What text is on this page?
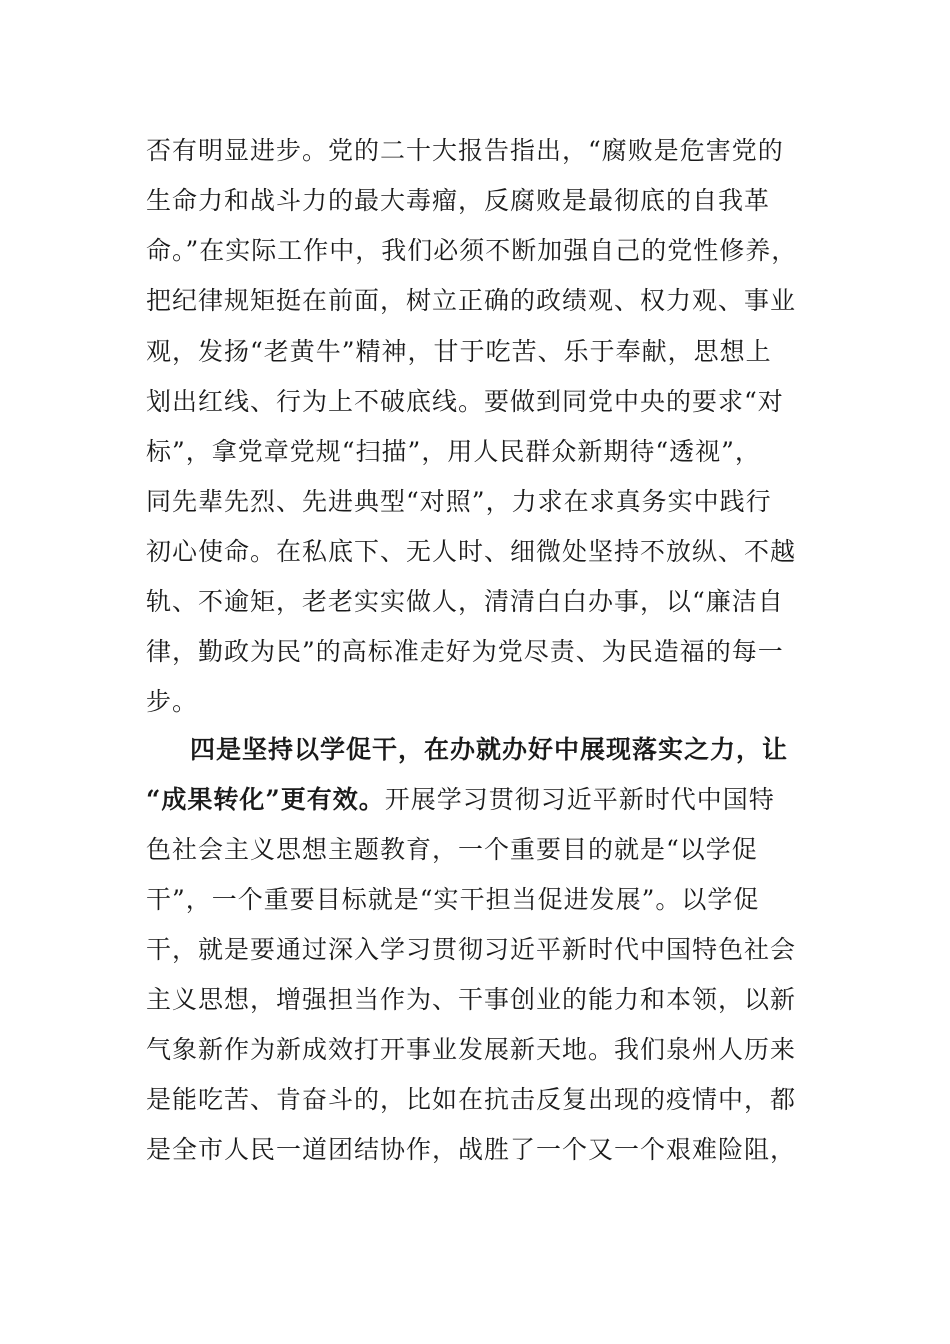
否有明显进步。党的二十大报告指出，“腐败是危害党的
生命力和战斗力的最大毒瘤，反腐败是最彻底的自我革
命。”在实际工作中，我们必须不断加强自己的党性修养，
把纪律规矩挺在前面，树立正确的政绩观、权力观、事业
观，发扬“老黄牛”精神，甘于吃苦、乐于奉献，思想上
划出红线、行为上不破底线。要做到同党中央的要求“对
标”，拿党章党规“扫描”，用人民群众新期待“透视”，
同先辈先烈、先进典型“对照”，力求在求真务实中践行
初心使命。在私底下、无人时、细微处坚持不放纵、不越
轨、不逾矩，老老实实做人，清清白白办事，以“廉洁自
律，勤政为民”的高标准走好为党尽责、为民造福的每一
步。
四是坚持以学促干，在办就办好中展现落实之力，让
“成果转化”更有效。开展学习贯彻习近平新时代中国特
色社会主义思想主题教育，一个重要目的就是“以学促
干”，一个重要目标就是“实干担当促进发展”。以学促
干，就是要通过深入学习贯彻习近平新时代中国特色社会
主义思想，增强担当作为、干事创业的能力和本领，以新
气象新作为新成效打开事业发展新天地。我们泉州人历来
是能吃苦、肯奋斗的，比如在抗击反复出现的疫情中，都
是全市人民一道团结协作，战胜了一个又一个艰难险阻，
